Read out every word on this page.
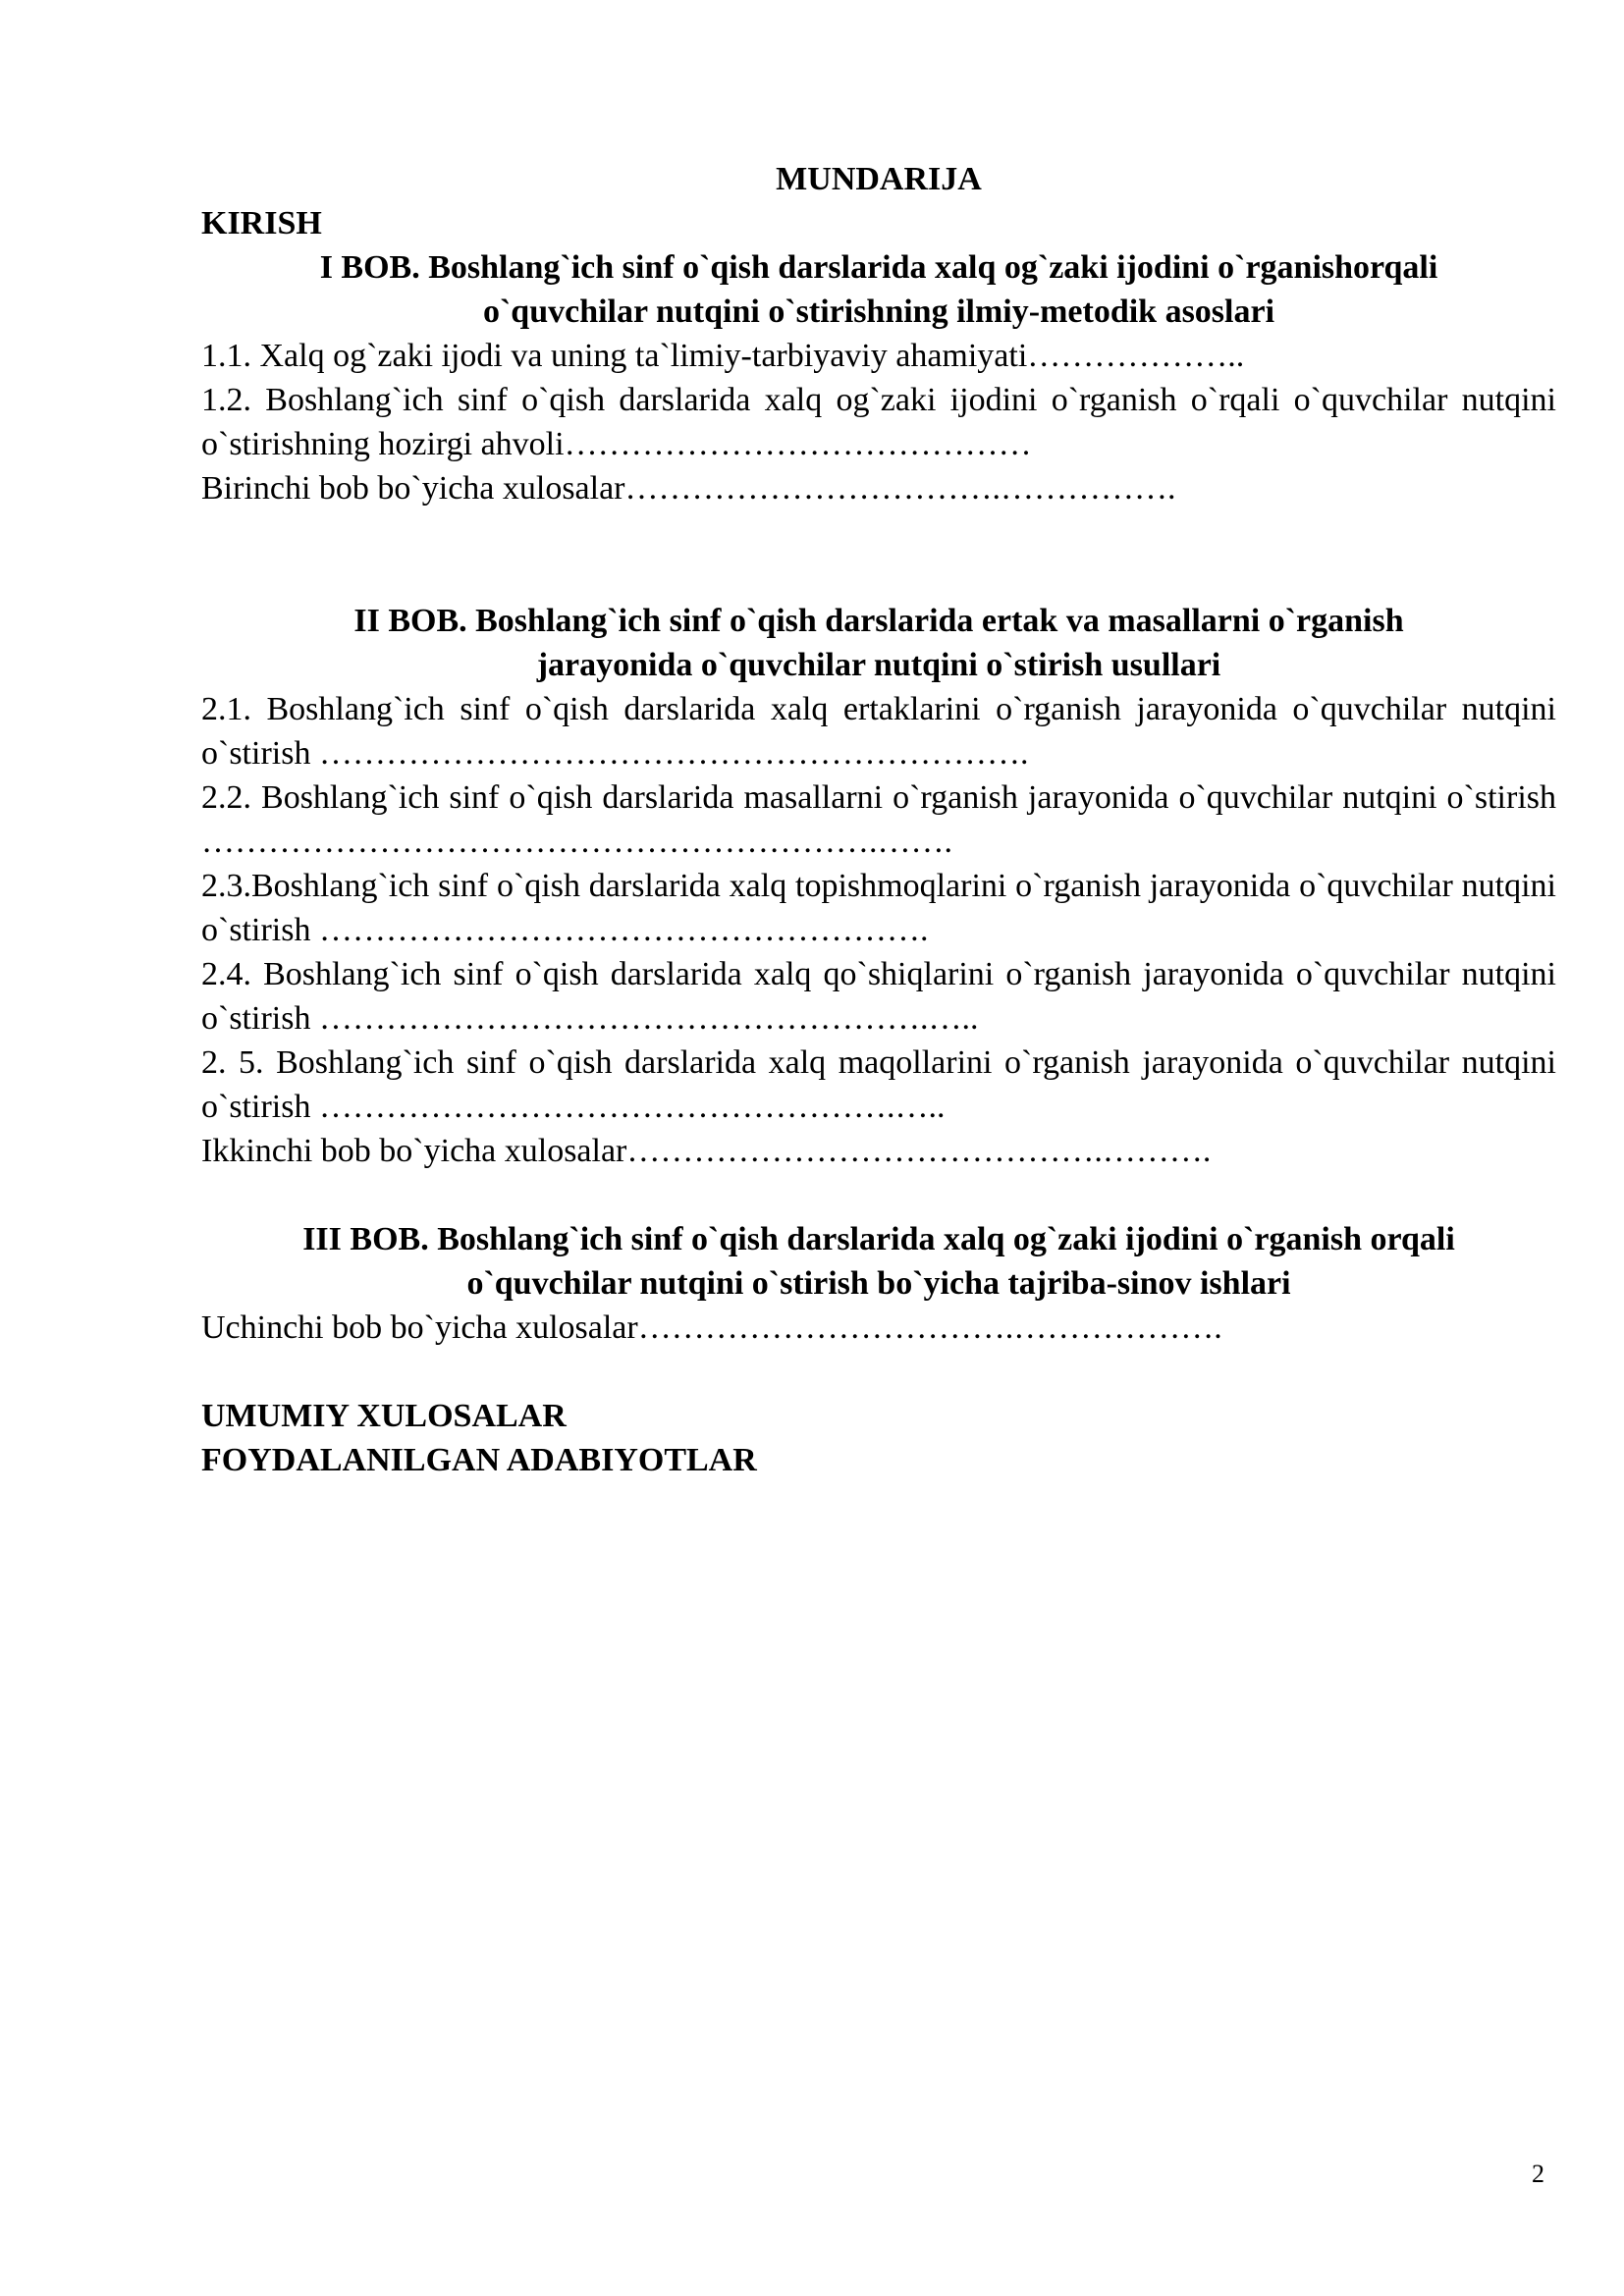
MUNDARIJA

KIRISH

I BOB. Boshlang`ich sinf o`qish darslarida xalq og`zaki ijodini o`rganishorqali

o`quvchilar nutqini o`stirishning ilmiy-metodik asoslari

1.1. Xalq og`zaki ijodi va uning ta`limiy-tarbiyaviy ahamiyati………………..

1.2. Boshlang`ich sinf o`qish darslarida xalq og`zaki ijodini o`rganish o`rqali o`quvchilar nutqini o`stirishning hozirgi ahvoli……………………………………

Birinchi bob bo`yicha xulosalar…………………………….…………….

II BOB. Boshlang`ich sinf o`qish darslarida ertak va masallarni o`rganish

jarayonida o`quvchilar nutqini o`stirish usullari

2.1. Boshlang`ich sinf o`qish darslarida xalq ertaklarini o`rganish jarayonida o`quvchilar nutqini o`stirish ……………………………………………………….

2.2. Boshlang`ich sinf o`qish darslarida masallarni o`rganish jarayonida o`quvchilar nutqini o`stirish …………………………………………………….…….

2.3.Boshlang`ich sinf o`qish darslarida xalq topishmoqlarini o`rganish jarayonida o`quvchilar nutqini o`stirish ……………………………………………….

2.4. Boshlang`ich sinf o`qish darslarida xalq qo`shiqlarini o`rganish jarayonida o`quvchilar nutqini o`stirish ……………………………………………….…..

2. 5. Boshlang`ich sinf o`qish darslarida xalq maqollarini o`rganish jarayonida o`quvchilar nutqini o`stirish …………………………………………….…..

Ikkinchi bob bo`yicha xulosalar…………………………………….……….

III BOB. Boshlang`ich sinf o`qish darslarida xalq og`zaki ijodini o`rganish orqali

o`quvchilar nutqini o`stirish bo`yicha tajriba-sinov ishlari

Uchinchi bob bo`yicha xulosalar…………………………….……………….

UMUMIY XULOSALAR

FOYDALANILGAN ADABIYOTLAR

2
